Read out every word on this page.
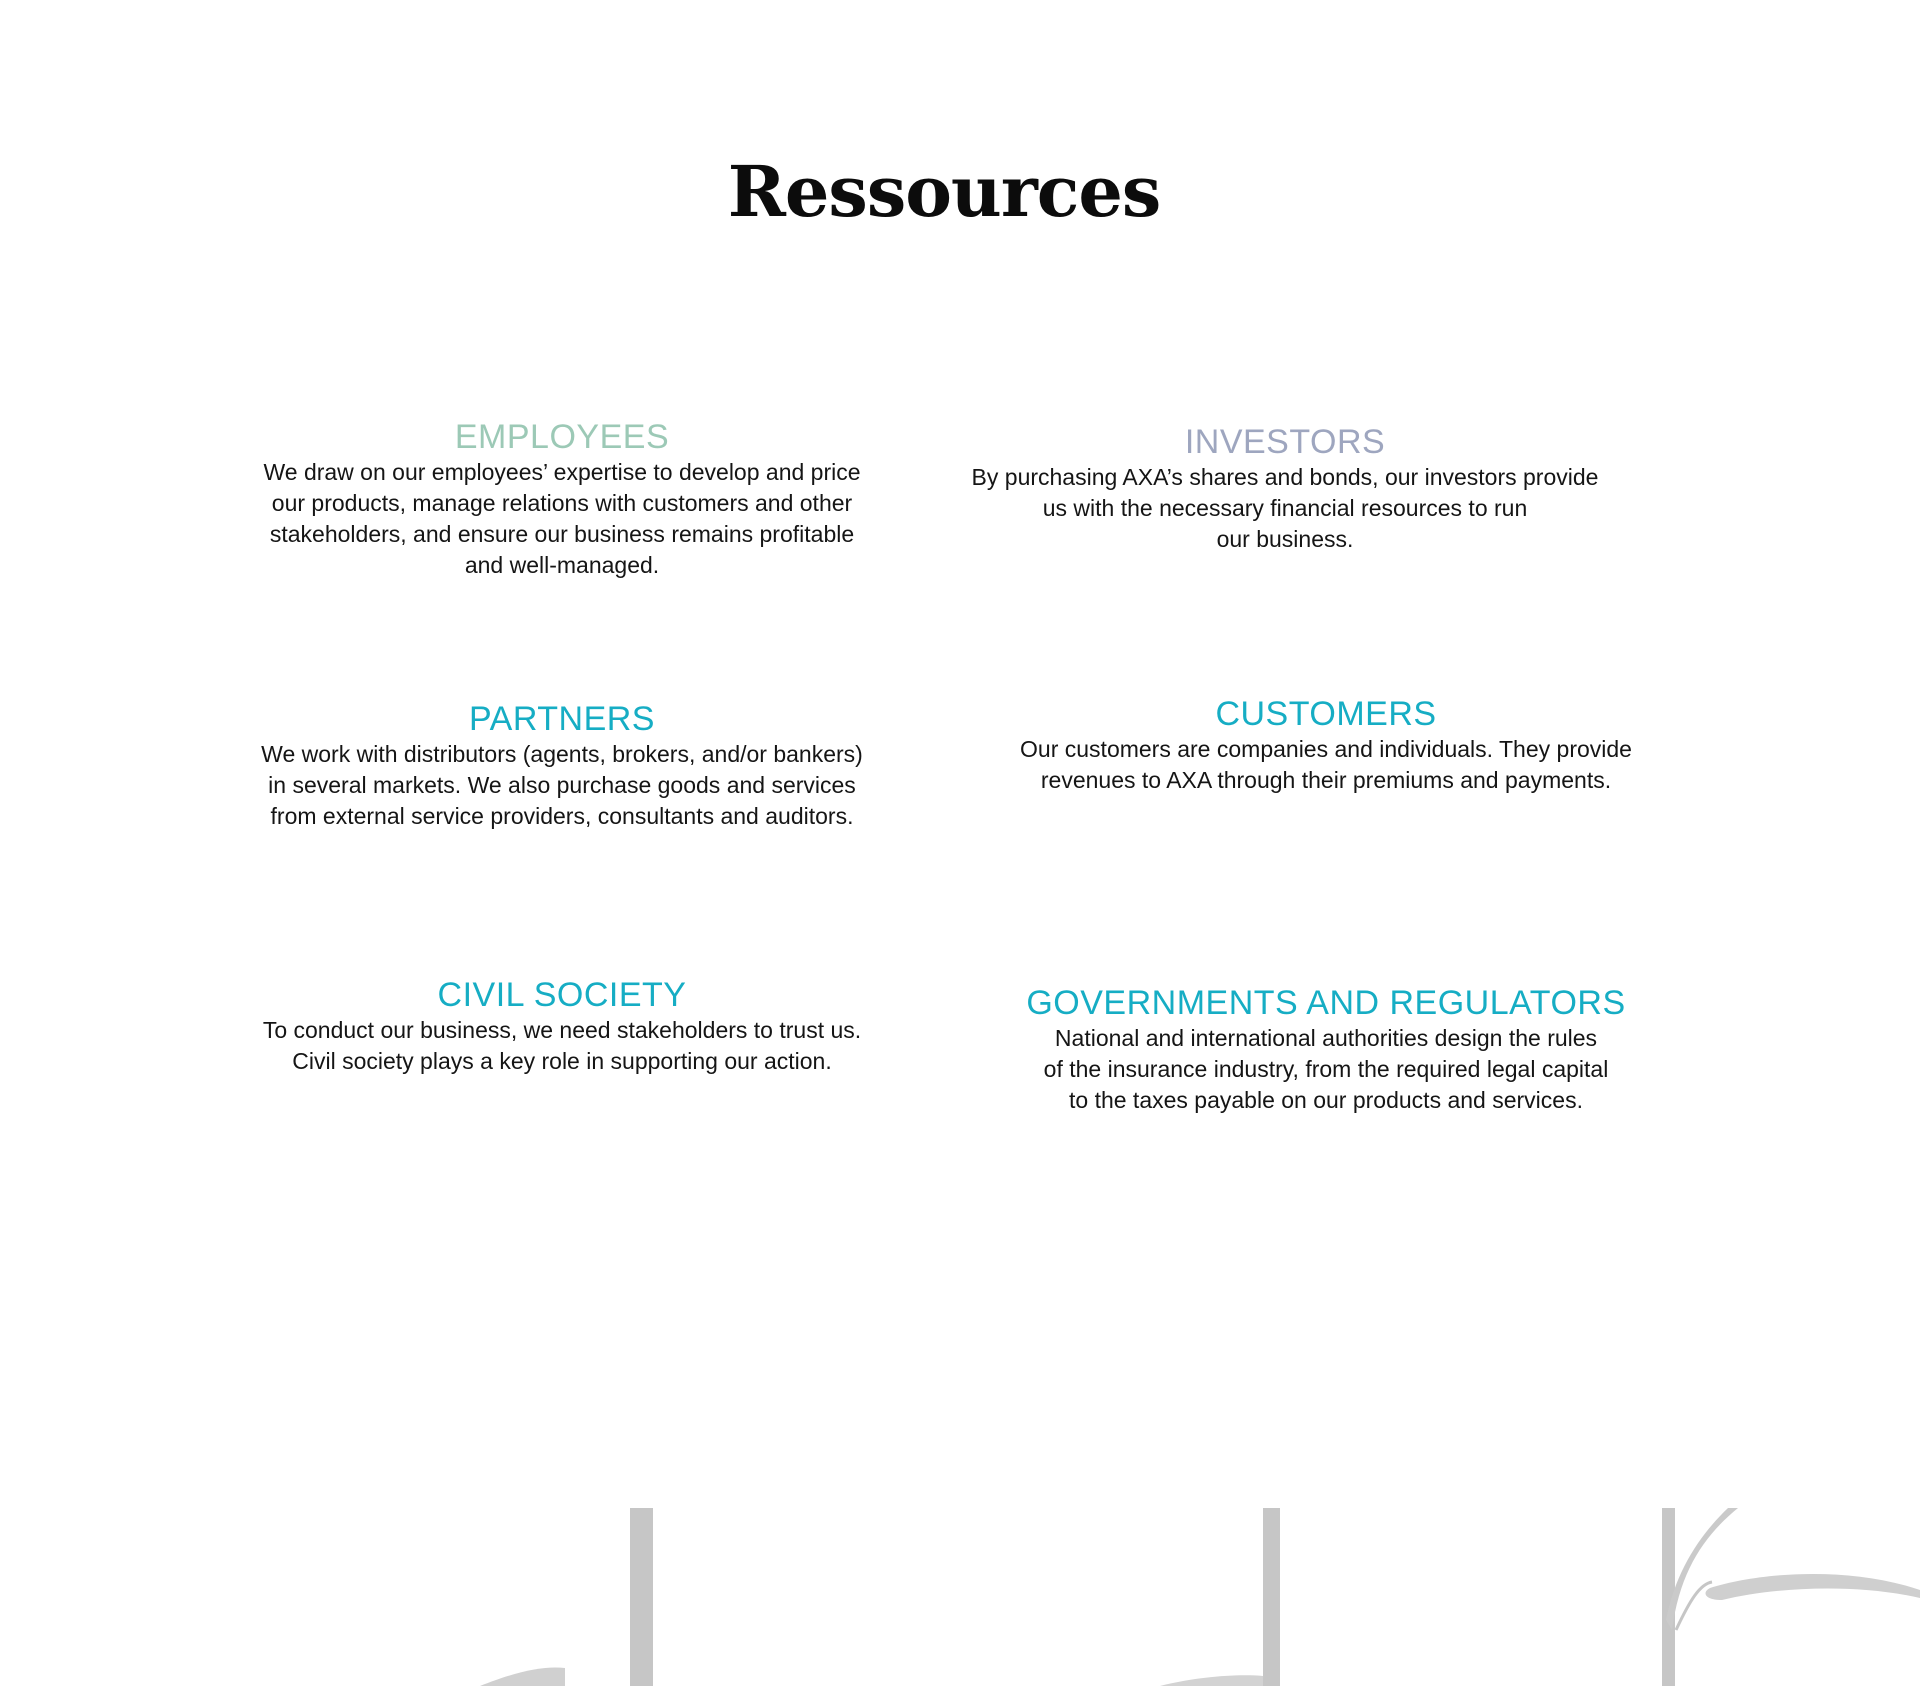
Ressources
EMPLOYEES

We draw on our employees’ expertise to develop and price
our products, manage relations with customers and other
stakeholders, and ensure our business remains profitable
and well-managed.

INVESTORS

By purchasing AXA’s shares and bonds, our investors provide
us with the necessary financial resources to run
our business.

PARTNERS

We work with distributors (agents, brokers, and/or bankers)
in several markets. We also purchase goods and services
from external service providers, consultants and auditors.

CUSTOMERS

Our customers are companies and individuals. They provide
revenues to AXA through their premiums and payments.

CIVIL SOCIETY

To conduct our business, we need stakeholders to trust us.
Civil society plays a key role in supporting our action.

GOVERNMENTS AND REGULATORS

National and international authorities design the rules
of the insurance industry, from the required legal capital
to the taxes payable on our products and services.
